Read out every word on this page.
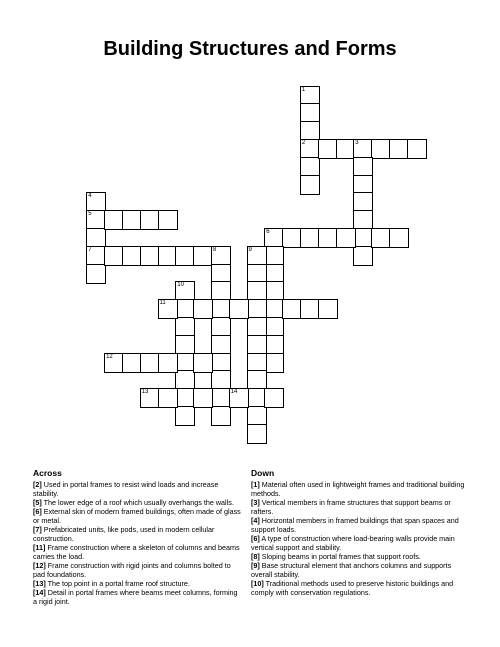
Building Structures and Forms
1
2	3
4
5
7
6
8	9
10
11
12
13	14
Across
[2] Used in portal frames to resist wind loads and increase stability.
[5] The lower edge of a roof which usually overhangs the walls.
[6] External skin of modern framed buildings, often made of glass or metal.
[7] Prefabricated units, like pods, used in modern cellular construction.
[11] Frame construction where a skeleton of columns and beams carries the load.
[12] Frame construction with rigid joints and columns bolted to pad foundations.
[13] The top point in a portal frame roof structure.
[14] Detail in portal frames where beams meet columns, forming a rigid joint.
Down
[1] Material often used in lightweight frames and traditional building methods.
[3] Vertical members in frame structures that support beams or rafters.
[4] Horizontal members in framed buildings that span spaces and support loads.
[6] A type of construction where load-bearing walls provide main vertical support and stability.
[8] Sloping beams in portal frames that support roofs.
[9] Base structural element that anchors columns and supports overall stability.
[10] Traditional methods used to preserve historic buildings and comply with conservation regulations.
